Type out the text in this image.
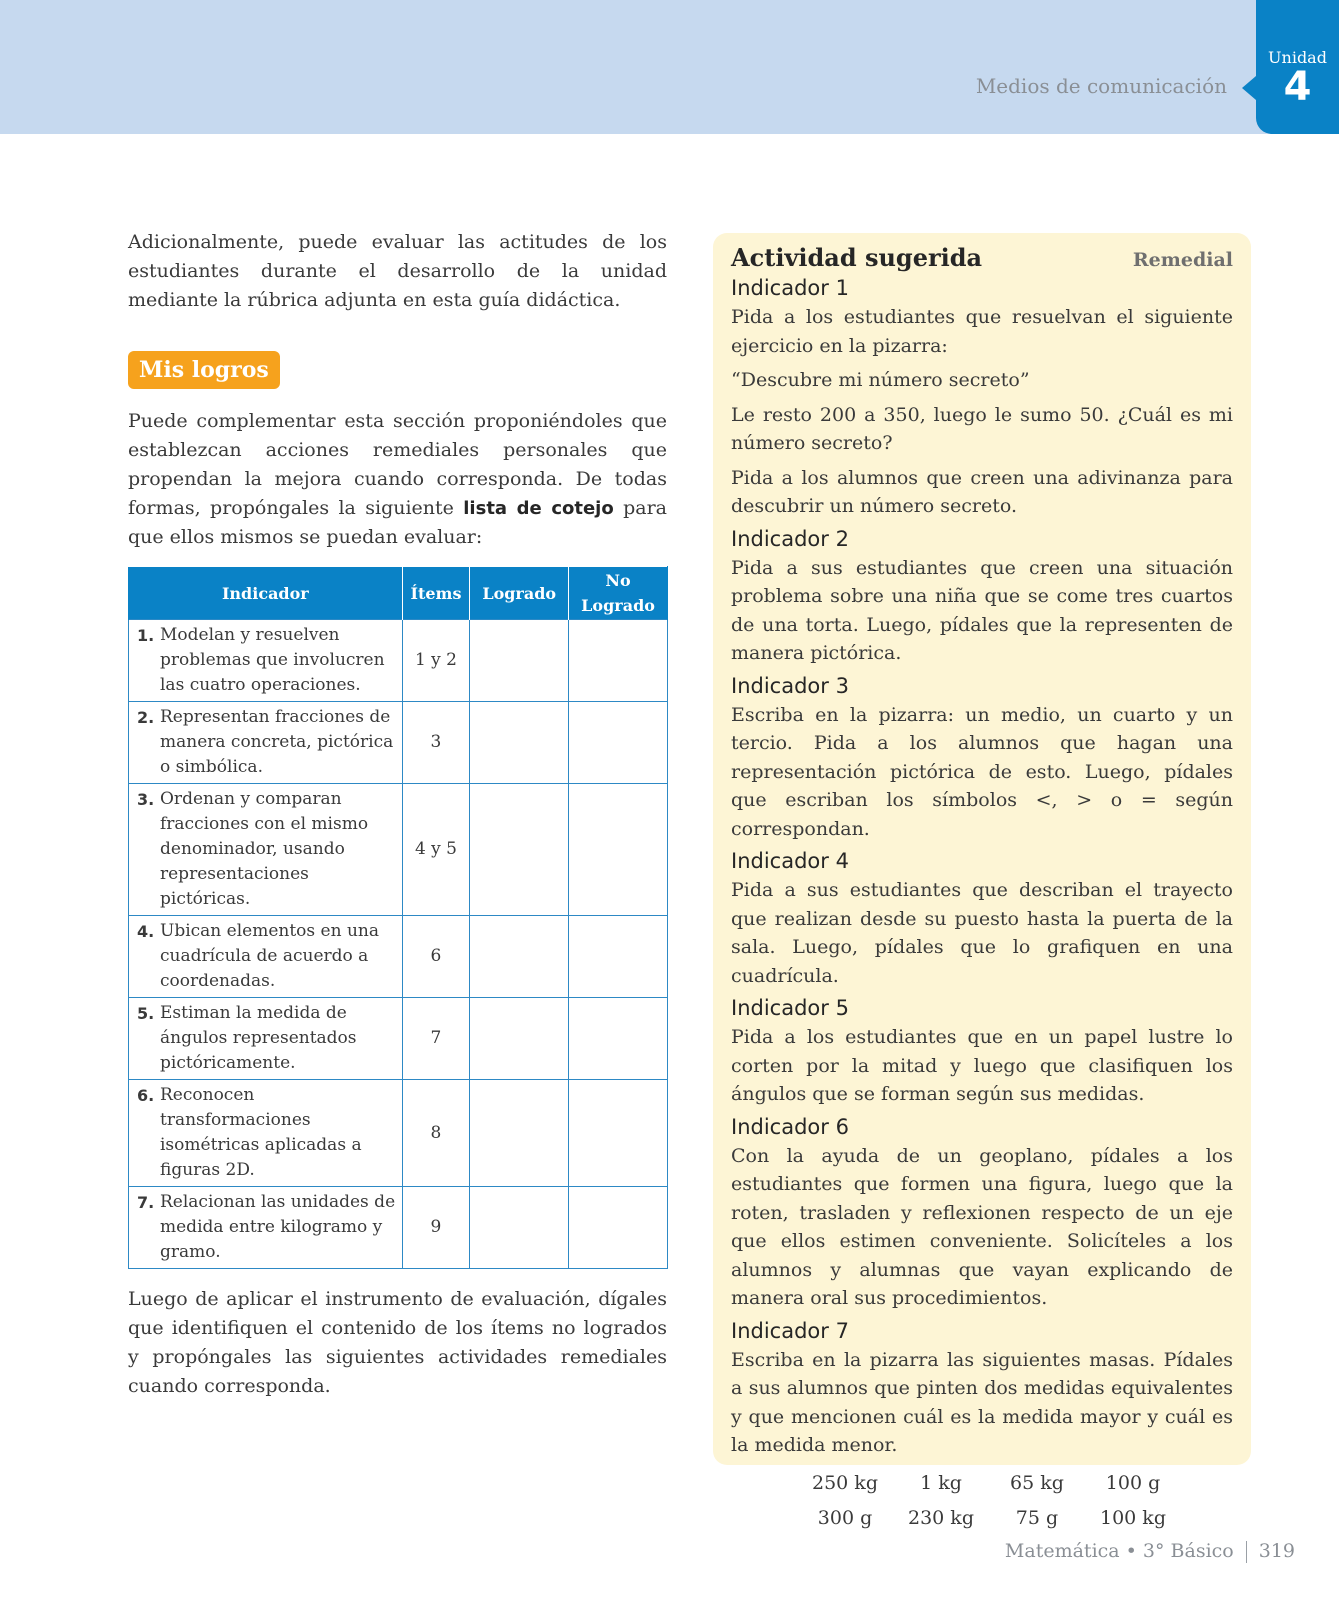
Medios de comunicación
Unidad
4

Adicionalmente, puede evaluar las actitudes de los estudiantes durante el desarrollo de la unidad mediante la rúbrica adjunta en esta guía didáctica.

Mis logros

Puede complementar esta sección proponiéndoles que establezcan acciones remediales personales que propendan la mejora cuando corresponda. De todas formas, propóngales la siguiente lista de cotejo para que ellos mismos se puedan evaluar:

Indicador	Ítems	Logrado	No Logrado

1. Modelan y resuelven problemas que involucren las cuatro operaciones.	1 y 2		

2. Representan fracciones de manera concreta, pictórica o simbólica.	3		

3. Ordenan y comparan fracciones con el mismo denominador, usando representaciones pictóricas.	4 y 5		

4. Ubican elementos en una cuadrícula de acuerdo a coordenadas.	6		

5. Estiman la medida de ángulos representados pictóricamente.	7		

6. Reconocen transformaciones isométricas aplicadas a figuras 2D.	8		

7. Relacionan las unidades de medida entre kilogramo y gramo.	9		

Luego de aplicar el instrumento de evaluación, dígales que identifiquen el contenido de los ítems no logrados y propóngales las siguientes actividades remediales cuando corresponda.

Actividad sugerida	Remedial
Indicador 1

Pida a los estudiantes que resuelvan el siguiente ejercicio en la pizarra:

“Descubre mi número secreto”

Le resto 200 a 350, luego le sumo 50. ¿Cuál es mi número secreto?

Pida a los alumnos que creen una adivinanza para descubrir un número secreto.

Indicador 2

Pida a sus estudiantes que creen una situación problema sobre una niña que se come tres cuartos de una torta. Luego, pídales que la representen de manera pictórica.

Indicador 3

Escriba en la pizarra: un medio, un cuarto y un tercio. Pida a los alumnos que hagan una representación pictórica de esto. Luego, pídales que escriban los símbolos <, > o = según correspondan.

Indicador 4

Pida a sus estudiantes que describan el trayecto que realizan desde su puesto hasta la puerta de la sala. Luego, pídales que lo grafiquen en una cuadrícula.

Indicador 5

Pida a los estudiantes que en un papel lustre lo corten por la mitad y luego que clasifiquen los ángulos que se forman según sus medidas.

Indicador 6

Con la ayuda de un geoplano, pídales a los estudiantes que formen una figura, luego que la roten, trasladen y reflexionen respecto de un eje que ellos estimen conveniente. Solicíteles a los alumnos y alumnas que vayan explicando de manera oral sus procedimientos.

Indicador 7

Escriba en la pizarra las siguientes masas. Pídales a sus alumnos que pinten dos medidas equivalentes y que mencionen cuál es la medida mayor y cuál es la medida menor.

250 kg	1 kg	65 kg	100 g
300 g	230 kg	75 g	100 kg
Matemática • 3° Básico 319
